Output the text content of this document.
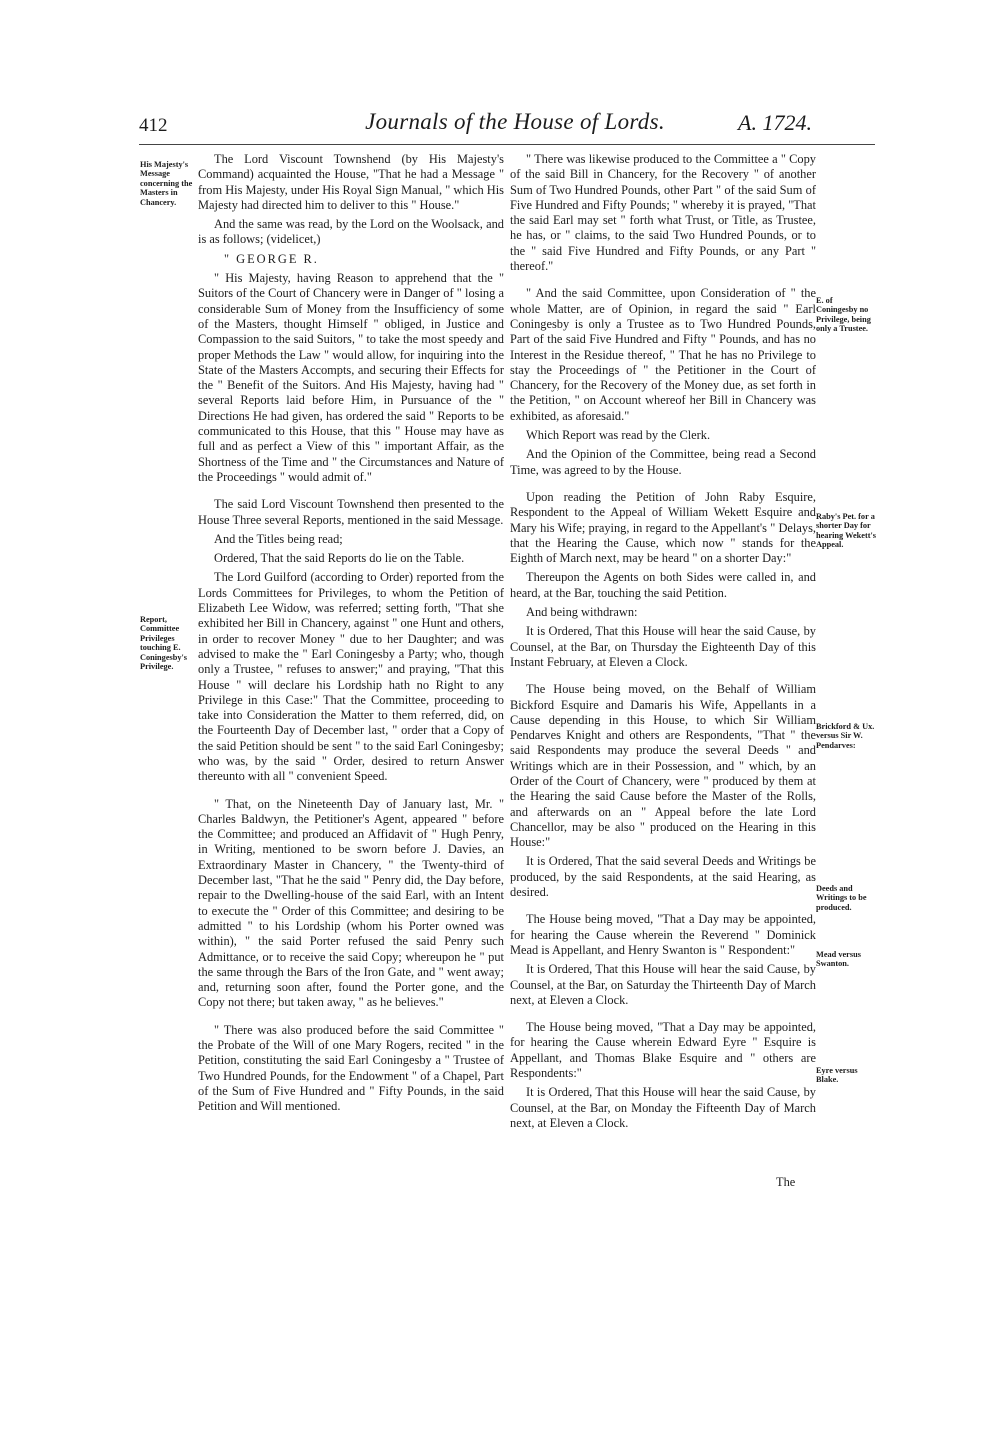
412	Journals of the House of Lords.	A. 1724.
His Majesty's Message concerning the Masters in Chancery.
Report, Committee Privileges touching E. Coningesby's Privilege.
E. of Coningesby no Privilege, being only a Trustee.
Raby's Pet. for a shorter Day for hearing Wekett's Appeal.
Brickford & Ux. versus Sir W. Pendarves:
Deeds and Writings to be produced.
Mead versus Swanton.
Eyre versus Blake.

The Lord Viscount Townshend (by His Majesty's Command) acquainted the House, "That he had a Message " from His Majesty, under His Royal Sign Manual, " which His Majesty had directed him to deliver to this " House."

And the same was read, by the Lord on the Woolsack, and is as follows; (videlicet,)

" GEORGE R.

" His Majesty, having Reason to apprehend that the " Suitors of the Court of Chancery were in Danger of " losing a considerable Sum of Money from the Insufficiency of some of the Masters, thought Himself " obliged, in Justice and Compassion to the said Suitors, " to take the most speedy and proper Methods the Law " would allow, for inquiring into the State of the Masters Accompts, and securing their Effects for the " Benefit of the Suitors. And His Majesty, having had " several Reports laid before Him, in Pursuance of the " Directions He had given, has ordered the said " Reports to be communicated to this House, that this " House may have as full and as perfect a View of this " important Affair, as the Shortness of the Time and " the Circumstances and Nature of the Proceedings " would admit of."

The said Lord Viscount Townshend then presented to the House Three several Reports, mentioned in the said Message.

And the Titles being read;

Ordered, That the said Reports do lie on the Table.

The Lord Guilford (according to Order) reported from the Lords Committees for Privileges, to whom the Petition of Elizabeth Lee Widow, was referred; setting forth, "That she exhibited her Bill in Chancery, against " one Hunt and others, in order to recover Money " due to her Daughter; and was advised to make the " Earl Coningesby a Party; who, though only a Trustee, " refuses to answer;" and praying, "That this House " will declare his Lordship hath no Right to any Privilege in this Case:" That the Committee, proceeding to take into Consideration the Matter to them referred, did, on the Fourteenth Day of December last, " order that a Copy of the said Petition should be sent " to the said Earl Coningesby; who was, by the said " Order, desired to return Answer thereunto with all " convenient Speed.

" That, on the Nineteenth Day of January last, Mr. " Charles Baldwyn, the Petitioner's Agent, appeared " before the Committee; and produced an Affidavit of " Hugh Penry, in Writing, mentioned to be sworn before J. Davies, an Extraordinary Master in Chancery, " the Twenty-third of December last, "That he the said " Penry did, the Day before, repair to the Dwelling-house of the said Earl, with an Intent to execute the " Order of this Committee; and desiring to be admitted " to his Lordship (whom his Porter owned was within), " the said Porter refused the said Penry such Admittance, or to receive the said Copy; whereupon he " put the same through the Bars of the Iron Gate, and " went away; and, returning soon after, found the Porter gone, and the Copy not there; but taken away, " as he believes."

" There was also produced before the said Committee " the Probate of the Will of one Mary Rogers, recited " in the Petition, constituting the said Earl Coningesby a " Trustee of Two Hundred Pounds, for the Endowment " of a Chapel, Part of the Sum of Five Hundred and " Fifty Pounds, in the said Petition and Will mentioned.

" There was likewise produced to the Committee a " Copy of the said Bill in Chancery, for the Recovery " of another Sum of Two Hundred Pounds, other Part " of the said Sum of Five Hundred and Fifty Pounds; " whereby it is prayed, "That the said Earl may set " forth what Trust, or Title, as Trustee, he has, or " claims, to the said Two Hundred Pounds, or to the " said Five Hundred and Fifty Pounds, or any Part " thereof."

" And the said Committee, upon Consideration of " the whole Matter, are of Opinion, in regard the said " Earl Coningesby is only a Trustee as to Two Hundred Pounds, Part of the said Five Hundred and Fifty " Pounds, and has no Interest in the Residue thereof, " That he has no Privilege to stay the Proceedings of " the Petitioner in the Court of Chancery, for the Recovery of the Money due, as set forth in the Petition, " on Account whereof her Bill in Chancery was exhibited, as aforesaid."

Which Report was read by the Clerk.

And the Opinion of the Committee, being read a Second Time, was agreed to by the House.

Upon reading the Petition of John Raby Esquire, Respondent to the Appeal of William Wekett Esquire and Mary his Wife; praying, in regard to the Appellant's " Delays, that the Hearing the Cause, which now " stands for the Eighth of March next, may be heard " on a shorter Day:"

Thereupon the Agents on both Sides were called in, and heard, at the Bar, touching the said Petition.

And being withdrawn:

It is Ordered, That this House will hear the said Cause, by Counsel, at the Bar, on Thursday the Eighteenth Day of this Instant February, at Eleven a Clock.

The House being moved, on the Behalf of William Bickford Esquire and Damaris his Wife, Appellants in a Cause depending in this House, to which Sir William Pendarves Knight and others are Respondents, "That " the said Respondents may produce the several Deeds " and Writings which are in their Possession, and " which, by an Order of the Court of Chancery, were " produced by them at the Hearing the said Cause before the Master of the Rolls, and afterwards on an " Appeal before the late Lord Chancellor, may be also " produced on the Hearing in this House:"

It is Ordered, That the said several Deeds and Writings be produced, by the said Respondents, at the said Hearing, as desired.

The House being moved, "That a Day may be appointed, for hearing the Cause wherein the Reverend " Dominick Mead is Appellant, and Henry Swanton is " Respondent:"

It is Ordered, That this House will hear the said Cause, by Counsel, at the Bar, on Saturday the Thirteenth Day of March next, at Eleven a Clock.

The House being moved, "That a Day may be appointed, for hearing the Cause wherein Edward Eyre " Esquire is Appellant, and Thomas Blake Esquire and " others are Respondents:"

It is Ordered, That this House will hear the said Cause, by Counsel, at the Bar, on Monday the Fifteenth Day of March next, at Eleven a Clock.

The
